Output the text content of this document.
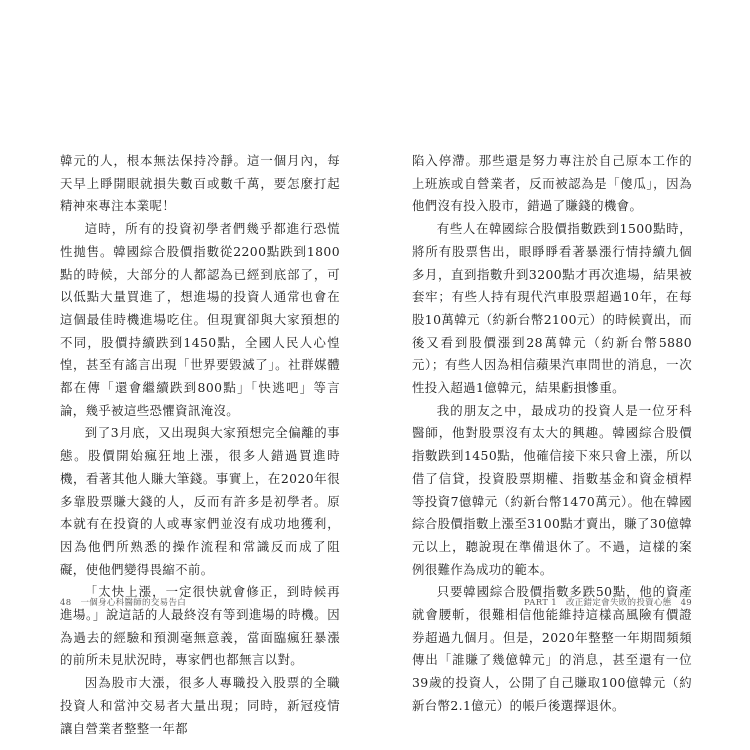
韓元的人，根本無法保持冷靜。這一個月內，每天早上睜開眼就損失數百或數千萬，要怎麼打起精神來專注本業呢！

這時，所有的投資初學者們幾乎都進行恐慌性拋售。韓國綜合股價指數從2200點跌到1800點的時候，大部分的人都認為已經到底部了，可以低點大量買進了，想進場的投資人通常也會在這個最佳時機進場吃住。但現實卻與大家預想的不同，股價持續跌到1450點，全國人民人心惶惶，甚至有謠言出現「世界要毀滅了」。社群媒體都在傳「還會繼續跌到800點」「快逃吧」等言論，幾乎被這些恐懼資訊淹沒。

到了3月底，又出現與大家預想完全偏離的事態。股價開始瘋狂地上漲，很多人錯過買進時機，看著其他人賺大筆錢。事實上，在2020年很多靠股票賺大錢的人，反而有許多是初學者。原本就有在投資的人或專家們並沒有成功地獲利，因為他們所熟悉的操作流程和常識反而成了阻礙，使他們變得畏縮不前。

「太快上漲，一定很快就會修正，到時候再進場。」說這話的人最終沒有等到進場的時機。因為過去的經驗和預測毫無意義，當面臨瘋狂暴漲的前所未見狀況時，專家們也都無言以對。

因為股市大漲，很多人專職投入股票的全職投資人和當沖交易者大量出現；同時，新冠疫情讓自營業者整整一年都

48 一個身心科醫師的交易告白

陷入停滯。那些還是努力專注於自己原本工作的上班族或自營業者，反而被認為是「傻瓜」，因為他們沒有投入股市，錯過了賺錢的機會。

有些人在韓國綜合股價指數跌到1500點時，將所有股票售出，眼睜睜看著暴漲行情持續九個多月，直到指數升到3200點才再次進場，結果被套牢；有些人持有現代汽車股票超過10年，在每股10萬韓元（約新台幣2100元）的時候賣出，而後又看到股價漲到28萬韓元（約新台幣5880元）；有些人因為相信蘋果汽車問世的消息，一次性投入超過1億韓元，結果虧損慘重。

我的朋友之中，最成功的投資人是一位牙科醫師，他對股票沒有太大的興趣。韓國綜合股價指數跌到1450點，他確信接下來只會上漲，所以借了信貸，投資股票期權、指數基金和資金槓桿等投資7億韓元（約新台幣1470萬元）。他在韓國綜合股價指數上漲至3100點才賣出，賺了30億韓元以上，聽說現在準備退休了。不過，這樣的案例很難作為成功的範本。

只要韓國綜合股價指數多跌50點，他的資產就會腰斬，很難相信他能維持這樣高風險有價證券超過九個月。但是，2020年整整一年期間頻頻傳出「誰賺了幾億韓元」的消息，甚至還有一位39歲的投資人，公開了自己賺取100億韓元（約新台幣2.1億元）的帳戶後選擇退休。

PART 1 改正錯定會失敗的投資心態 49
